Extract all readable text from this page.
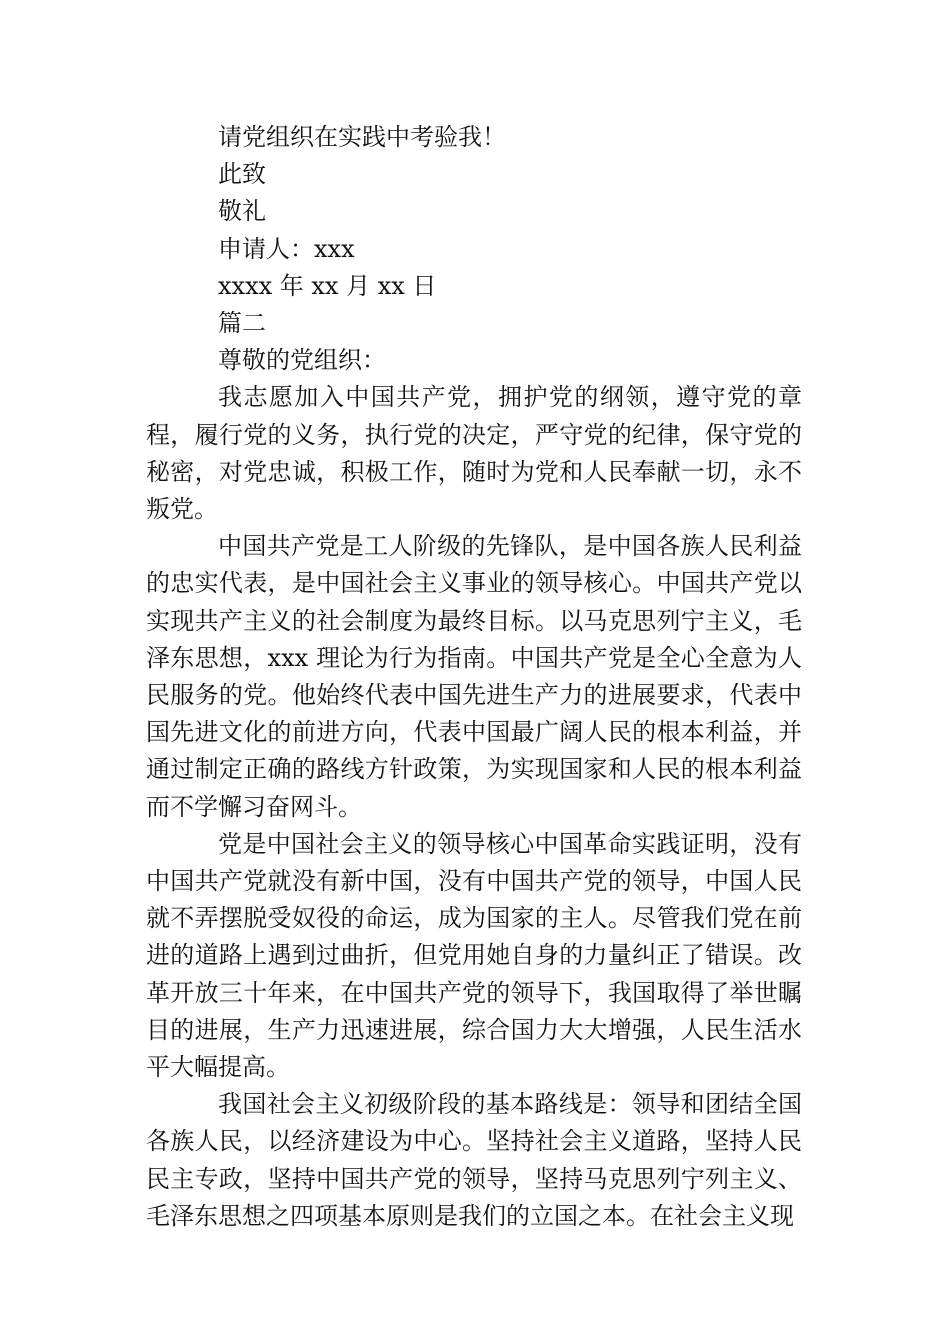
请党组织在实践中考验我！

此致

敬礼

申请人：xxx

xxxx 年 xx 月 xx 日

篇二

尊敬的党组织：

我志愿加入中国共产党，拥护党的纲领，遵守党的章程，履行党的义务，执行党的决定，严守党的纪律，保守党的秘密，对党忠诚，积极工作，随时为党和人民奉献一切，永不叛党。

中国共产党是工人阶级的先锋队，是中国各族人民利益的忠实代表，是中国社会主义事业的领导核心。中国共产党以实现共产主义的社会制度为最终目标。以马克思列宁主义，毛泽东思想，xxx 理论为行为指南。中国共产党是全心全意为人民服务的党。他始终代表中国先进生产力的进展要求，代表中国先进文化的前进方向，代表中国最广阔人民的根本利益，并通过制定正确的路线方针政策，为实现国家和人民的根本利益而不学懈习奋网斗。

党是中国社会主义的领导核心中国革命实践证明，没有中国共产党就没有新中国，没有中国共产党的领导，中国人民就不弄摆脱受奴役的命运，成为国家的主人。尽管我们党在前进的道路上遇到过曲折，但党用她自身的力量纠正了错误。改革开放三十年来，在中国共产党的领导下，我国取得了举世瞩目的进展，生产力迅速进展，综合国力大大增强，人民生活水平大幅提高。

我国社会主义初级阶段的基本路线是：领导和团结全国各族人民，以经济建设为中心。坚持社会主义道路，坚持人民民主专政，坚持中国共产党的领导，坚持马克思列宁列主义、毛泽东思想之四项基本原则是我们的立国之本。在社会主义现
